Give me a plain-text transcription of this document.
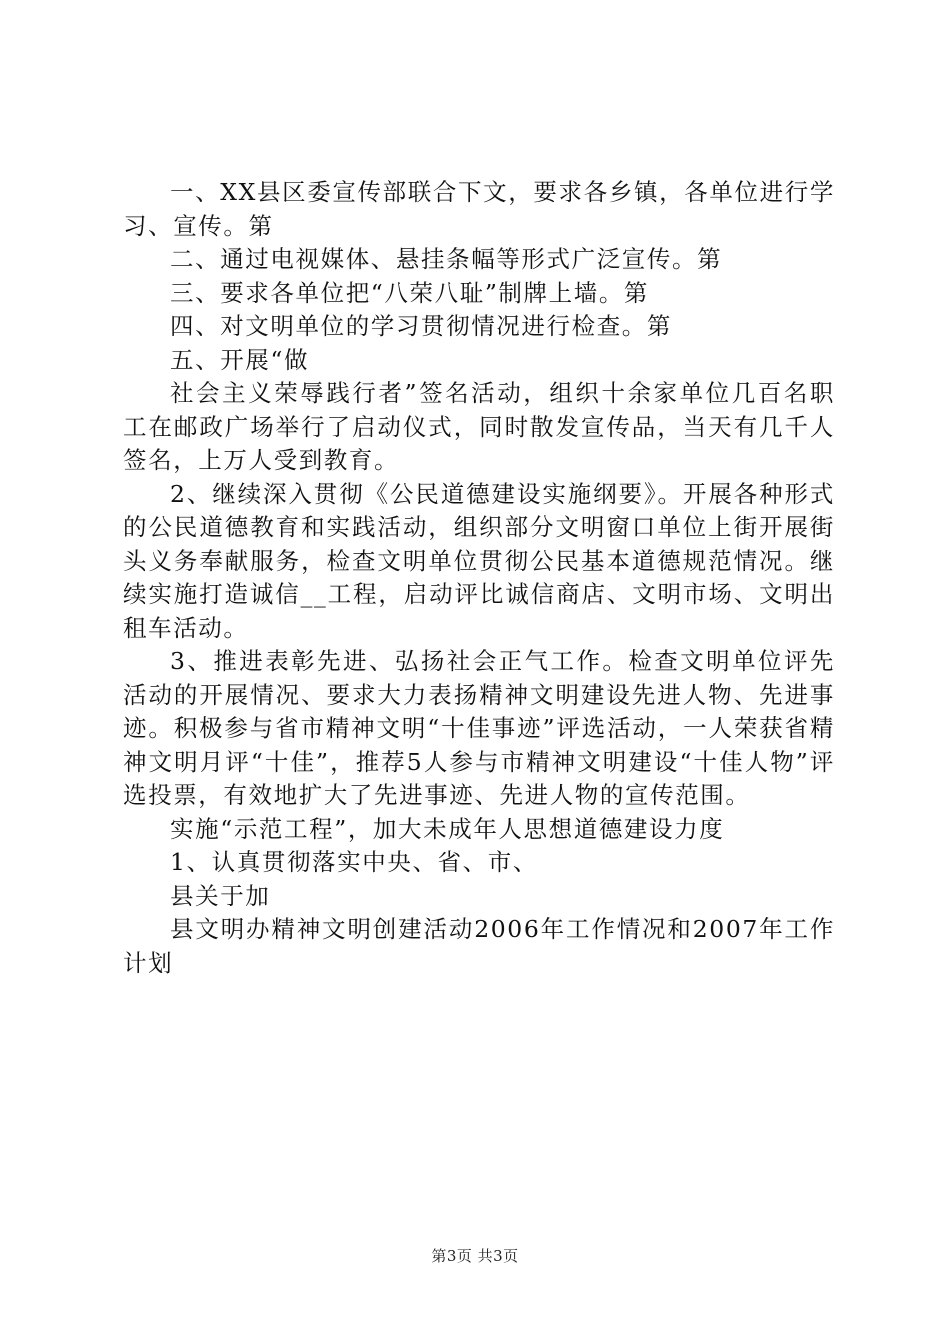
一、XX县区委宣传部联合下文，要求各乡镇，各单位进行学习、宣传。第

二、通过电视媒体、悬挂条幅等形式广泛宣传。第

三、要求各单位把“八荣八耻”制牌上墙。第

四、对文明单位的学习贯彻情况进行检查。第

五、开展“做

社会主义荣辱践行者”签名活动，组织十余家单位几百名职工在邮政广场举行了启动仪式，同时散发宣传品，当天有几千人签名，上万人受到教育。

2、继续深入贯彻《公民道德建设实施纲要》。开展各种形式的公民道德教育和实践活动，组织部分文明窗口单位上街开展街头义务奉献服务，检查文明单位贯彻公民基本道德规范情况。继续实施打造诚信__工程，启动评比诚信商店、文明市场、文明出租车活动。

3、推进表彰先进、弘扬社会正气工作。检查文明单位评先活动的开展情况、要求大力表扬精神文明建设先进人物、先进事迹。积极参与省市精神文明“十佳事迹”评选活动，一人荣获省精神文明月评“十佳”，推荐5人参与市精神文明建设“十佳人物”评选投票，有效地扩大了先进事迹、先进人物的宣传范围。

实施“示范工程”，加大未成年人思想道德建设力度

1、认真贯彻落实中央、省、市、

县关于加

县文明办精神文明创建活动2006年工作情况和2007年工作计划

第3页 共3页
